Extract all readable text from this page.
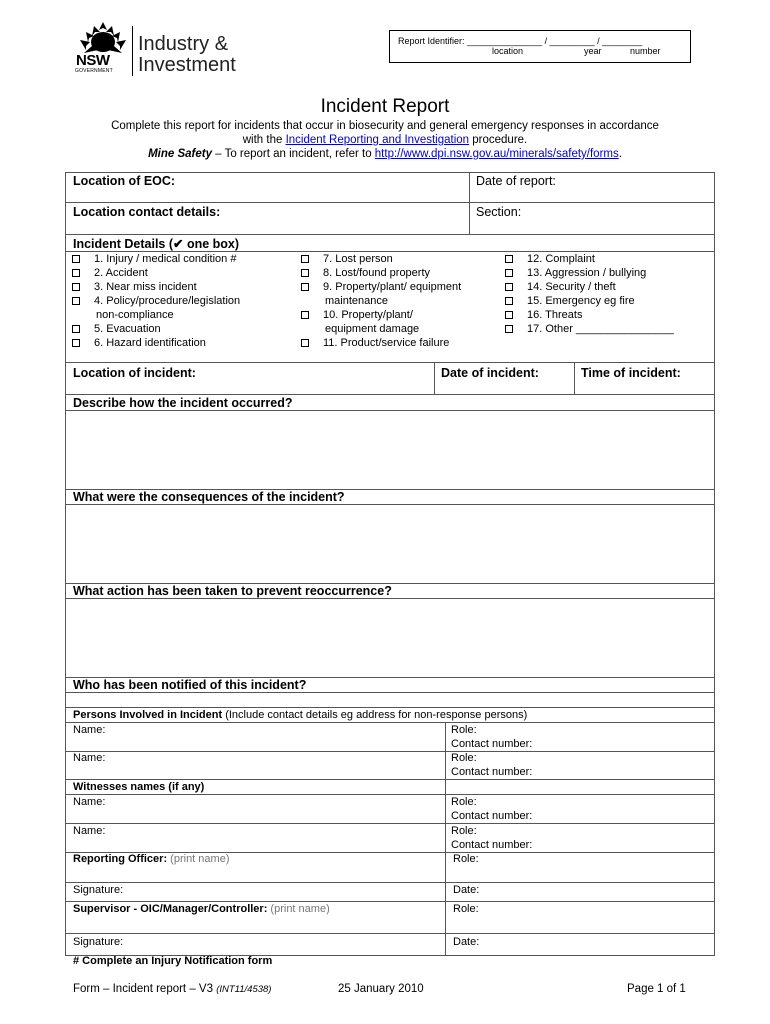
NSW
GOVERNMENT
Industry &
Investment
Report Identifier: _______________ / _________ / ________
location	year	number
Incident Report
Complete this report for incidents that occur in biosecurity and general emergency responses in accordance
with the Incident Reporting and Investigation procedure.
Mine Safety – To report an incident, refer to http://www.dpi.nsw.gov.au/minerals/safety/forms.
Location of EOC:	Date of report:
Location contact details:	Section:
Incident Details (✔ one box)
1. Injury / medical condition #
2. Accident
3. Near miss incident
4. Policy/procedure/legislation
non-compliance
5. Evacuation
6. Hazard identification
7. Lost person
8. Lost/found property
9. Property/plant/ equipment
maintenance
10. Property/plant/
equipment damage
11. Product/service failure
12. Complaint
13. Aggression / bullying
14. Security / theft
15. Emergency eg fire
16. Threats
17. Other ________________
Location of incident:	Date of incident:	Time of incident:
Describe how the incident occurred?
What were the consequences of the incident?
What action has been taken to prevent reoccurrence?
Who has been notified of this incident?
Persons Involved in Incident (Include contact details eg address for non-response persons)
Name:	Role:
Contact number:
Name:	Role:
Contact number:
Witnesses names (if any)
Name:	Role:
Contact number:
Name:	Role:
Contact number:
Reporting Officer: (print name)	Role:
Signature:	Date:
Supervisor - OIC/Manager/Controller: (print name)	Role:
Signature:	Date:
# Complete an Injury Notification form
Form – Incident report – V3 (INT11/4538)	25 January 2010	Page 1 of 1
